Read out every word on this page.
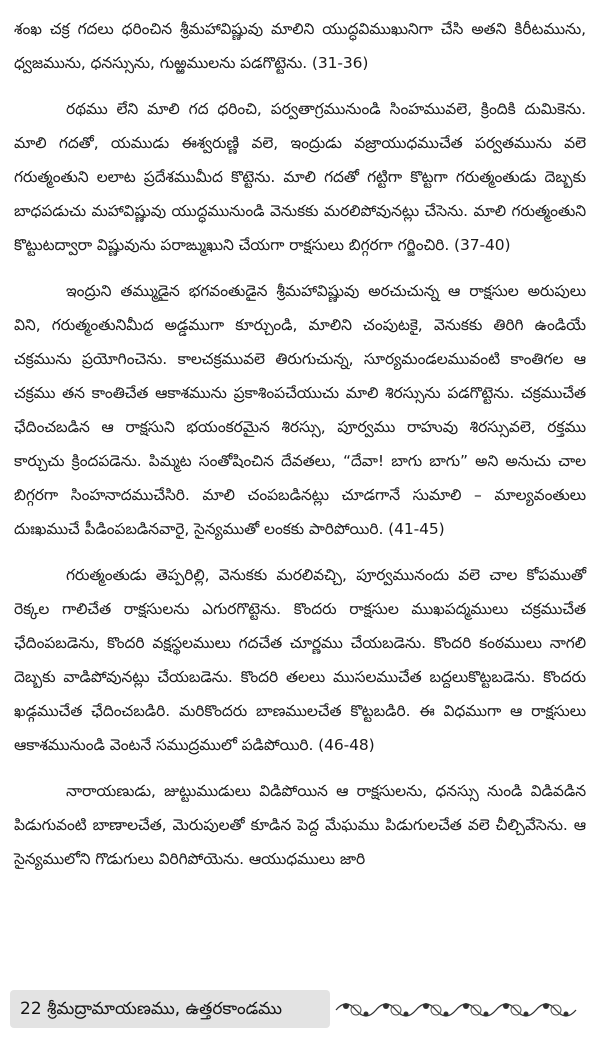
శంఖ చక్ర గదలు ధరించిన శ్రీమహావిష్ణువు మాలిని యుద్ధవిముఖునిగా చేసి అతని కిరీటమును, ధ్వజమును, ధనస్సును, గుఱ్ఱములను పడగొట్టెను. (31-36)

రథము లేని మాలి గద ధరించి, పర్వతాగ్రమునుండి సింహమువలె, క్రిందికి దుమికెను. మాలి గదతో, యముడు ఈశ్వరుణ్ణి వలె, ఇంద్రుడు వజ్రాయుధముచేత పర్వతమును వలె గరుత్మంతుని లలాట ప్రదేశముమీద కొట్టెను. మాలి గదతో గట్టిగా కొట్టగా గరుత్మంతుడు దెబ్బకు బాధపడుచు మహావిష్ణువు యుద్ధమునుండి వెనుకకు మరలిపోవునట్లు చేసెను. మాలి గరుత్మంతుని కొట్టుటద్వారా విష్ణువును పరాఙ్ముఖుని చేయగా రాక్షసులు బిగ్గరగా గర్జించిరి. (37-40)

ఇంద్రుని తమ్ముడైన భగవంతుడైన శ్రీమహావిష్ణువు అరచుచున్న ఆ రాక్షసుల అరుపులు విని, గరుత్మంతునిమీద అడ్డముగా కూర్చుండి, మాలిని చంపుటకై, వెనుకకు తిరిగి ఉండియే చక్రమును ప్రయోగించెను. కాలచక్రమువలె తిరుగుచున్న, సూర్యమండలమువంటి కాంతిగల ఆ చక్రము తన కాంతిచేత ఆకాశమును ప్రకాశింపచేయుచు మాలి శిరస్సును పడగొట్టెను. చక్రముచేత ఛేదించబడిన ఆ రాక్షసుని భయంకరమైన శిరస్సు, పూర్వము రాహువు శిరస్సువలె, రక్తము కార్చుచు క్రిందపడెను. పిమ్మట సంతోషించిన దేవతలు, “దేవా! బాగు బాగు” అని అనుచు చాల బిగ్గరగా సింహనాదముచేసిరి. మాలి చంపబడినట్లు చూడగానే సుమాలి – మాల్యవంతులు దుఃఖముచే పీడింపబడినవారై, సైన్యముతో లంకకు పారిపోయిరి. (41-45)

గరుత్మంతుడు తెప్పరిల్లి, వెనుకకు మరలివచ్చి, పూర్వమునందు వలె చాల కోపముతో రెక్కల గాలిచేత రాక్షసులను ఎగురగొట్టెను. కొందరు రాక్షసుల ముఖపద్మములు చక్రముచేత ఛేదింపబడెను, కొందరి వక్షస్థలములు గదచేత చూర్ణము చేయబడెను. కొందరి కంఠములు నాగలి దెబ్బకు వాడిపోవునట్లు చేయబడెను. కొందరి తలలు ముసలముచేత బద్దలుకొట్టబడెను. కొందరు ఖడ్గముచేత ఛేదించబడిరి. మరికొందరు బాణములచేత కొట్టబడిరి. ఈ విధముగా ఆ రాక్షసులు ఆకాశమునుండి వెంటనే సముద్రములో పడిపోయిరి. (46-48)

నారాయణుడు, జుట్టుముడులు విడిపోయిన ఆ రాక్షసులను, ధనస్సు నుండి విడివడిన పిడుగువంటి బాణాలచేత, మెరుపులతో కూడిన పెద్ద మేఘము పిడుగులచేత వలె చీల్చివేసెను. ఆ సైన్యములోని గొడుగులు విరిగిపోయెను. ఆయుధములు జారి

22 శ్రీమద్రామాయణము, ఉత్తరకాండము
